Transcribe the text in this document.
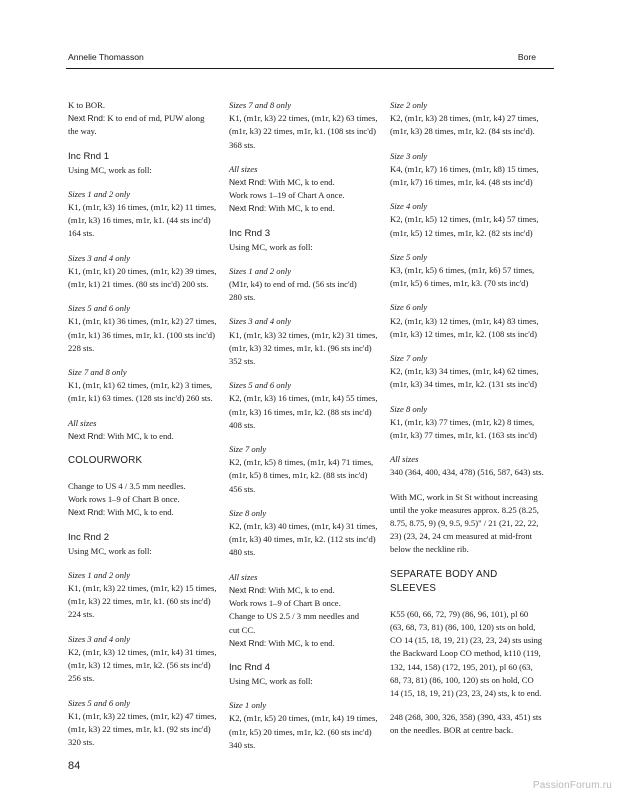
Annelie Thomasson	Bore
K to BOR.
Next Rnd: K to end of rnd, PUW along
the way.
Inc Rnd 1
Using MC, work as foll:
Sizes 1 and 2 only
K1, (m1r, k3) 16 times, (m1r, k2) 11 times,
(m1r, k3) 16 times, m1r, k1. (44 sts inc'd)
164 sts.
Sizes 3 and 4 only
K1, (m1r, k1) 20 times, (m1r, k2) 39 times,
(m1r, k1) 21 times. (80 sts inc'd) 200 sts.
Sizes 5 and 6 only
K1, (m1r, k1) 36 times, (m1r, k2) 27 times,
(m1r, k1) 36 times, m1r, k1. (100 sts inc'd)
228 sts.
Size 7 and 8 only
K1, (m1r, k1) 62 times, (m1r, k2) 3 times,
(m1r, k1) 63 times. (128 sts inc'd) 260 sts.
All sizes
Next Rnd: With MC, k to end.
COLOURWORK
Change to US 4 / 3.5 mm needles.
Work rows 1–9 of Chart B once.
Next Rnd: With MC, k to end.
Inc Rnd 2
Using MC, work as foll:
Sizes 1 and 2 only
K1, (m1r, k3) 22 times, (m1r, k2) 15 times,
(m1r, k3) 22 times, m1r, k1. (60 sts inc'd)
224 sts.
Sizes 3 and 4 only
K2, (m1r, k3) 12 times, (m1r, k4) 31 times,
(m1r, k3) 12 times, m1r, k2. (56 sts inc'd)
256 sts.
Sizes 5 and 6 only
K1, (m1r, k3) 22 times, (m1r, k2) 47 times,
(m1r, k3) 22 times, m1r, k1. (92 sts inc'd)
320 sts.
Sizes 7 and 8 only
K1, (m1r, k3) 22 times, (m1r, k2) 63 times,
(m1r, k3) 22 times, m1r, k1. (108 sts inc'd)
368 sts.
All sizes
Next Rnd: With MC, k to end.
Work rows 1–19 of Chart A once.
Next Rnd: With MC, k to end.
Inc Rnd 3
Using MC, work as foll:
Sizes 1 and 2 only
(M1r, k4) to end of rnd. (56 sts inc'd)
280 sts.
Sizes 3 and 4 only
K1, (m1r, k3) 32 times, (m1r, k2) 31 times,
(m1r, k3) 32 times, m1r, k1. (96 sts inc'd)
352 sts.
Sizes 5 and 6 only
K2, (m1r, k3) 16 times, (m1r, k4) 55 times,
(m1r, k3) 16 times, m1r, k2. (88 sts inc'd)
408 sts.
Size 7 only
K2, (m1r, k5) 8 times, (m1r, k4) 71 times,
(m1r, k5) 8 times, m1r, k2. (88 sts inc'd)
456 sts.
Size 8 only
K2, (m1r, k3) 40 times, (m1r, k4) 31 times,
(m1r, k3) 40 times, m1r, k2. (112 sts inc'd)
480 sts.
All sizes
Next Rnd: With MC, k to end.
Work rows 1–9 of Chart B once.
Change to US 2.5 / 3 mm needles and
cut CC.
Next Rnd: With MC, k to end.
Inc Rnd 4
Using MC, work as foll:
Size 1 only
K2, (m1r, k5) 20 times, (m1r, k4) 19 times,
(m1r, k5) 20 times, m1r, k2. (60 sts inc'd)
340 sts.
Size 2 only
K2, (m1r, k3) 28 times, (m1r, k4) 27 times,
(m1r, k3) 28 times, m1r, k2. (84 sts inc'd).
Size 3 only
K4, (m1r, k7) 16 times, (m1r, k8) 15 times,
(m1r, k7) 16 times, m1r, k4. (48 sts inc'd)
Size 4 only
K2, (m1r, k5) 12 times, (m1r, k4) 57 times,
(m1r, k5) 12 times, m1r, k2. (82 sts inc'd)
Size 5 only
K3, (m1r, k5) 6 times, (m1r, k6) 57 times,
(m1r, k5) 6 times, m1r, k3. (70 sts inc'd)
Size 6 only
K2, (m1r, k3) 12 times, (m1r, k4) 83 times,
(m1r, k3) 12 times, m1r, k2. (108 sts inc'd)
Size 7 only
K2, (m1r, k3) 34 times, (m1r, k4) 62 times,
(m1r, k3) 34 times, m1r, k2. (131 sts inc'd)
Size 8 only
K1, (m1r, k3) 77 times, (m1r, k2) 8 times,
(m1r, k3) 77 times, m1r, k1. (163 sts inc'd)
All sizes
340 (364, 400, 434, 478) (516, 587, 643) sts.
With MC, work in St St without increasing
until the yoke measures approx. 8.25 (8.25,
8.75, 8.75, 9) (9, 9.5, 9.5)" / 21 (21, 22, 22,
23) (23, 24, 24 cm measured at mid-front
below the neckline rib.
SEPARATE BODY AND SLEEVES
K55 (60, 66, 72, 79) (86, 96, 101), pl 60
(63, 68, 73, 81) (86, 100, 120) sts on hold,
CO 14 (15, 18, 19, 21) (23, 23, 24) sts using
the Backward Loop CO method, k110 (119,
132, 144, 158) (172, 195, 201), pl 60 (63,
68, 73, 81) (86, 100, 120) sts on hold, CO
14 (15, 18, 19, 21) (23, 23, 24) sts, k to end.
248 (268, 300, 326, 358) (390, 433, 451) sts
on the needles. BOR at centre back.
84
PassionForum.ru
